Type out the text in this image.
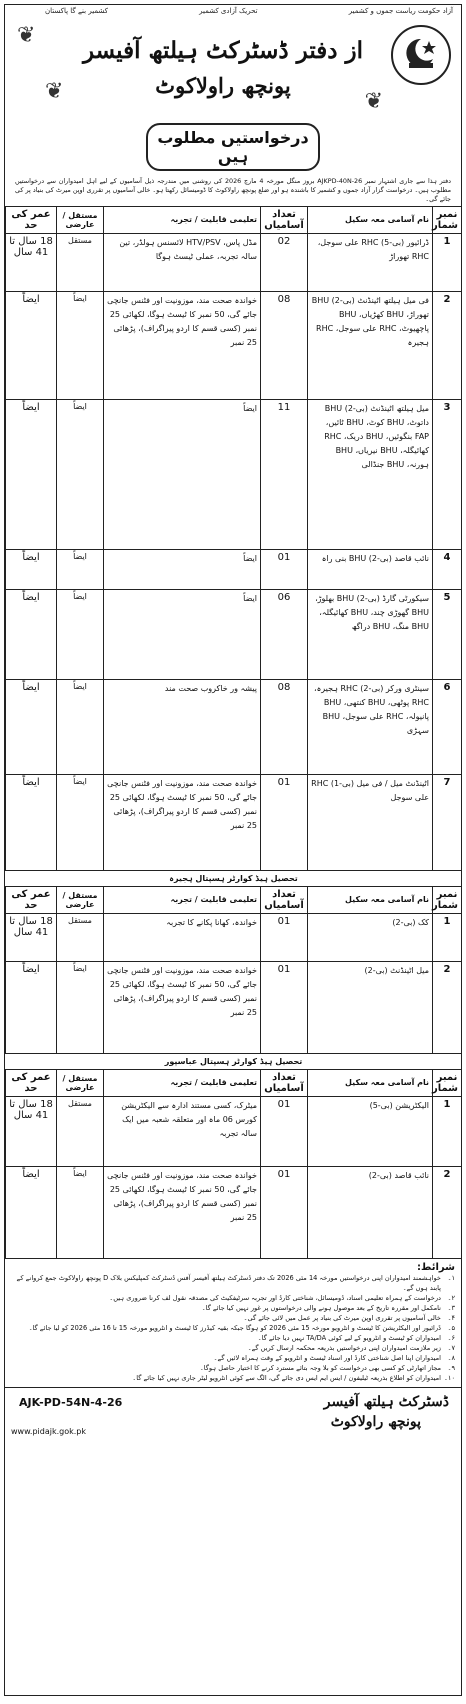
آزاد حکومت ریاست جموں و کشمیر
تحریک آزادی کشمیر
کشمیر بنے گا پاکستان
❦
❦	❦
از دفتر ڈسٹرکٹ ہیلتھ آفیسر
پونچھ راولاکوٹ
درخواستیں مطلوب ہیں
دفتر ہذا سے جاری اشتہار نمبر AJKPD-40N-26 بروز منگل مورخہ 4 مارچ 2026 کی روشنی میں مندرجہ ذیل آسامیوں کے لیے اہل امیدواران سے درخواستیں مطلوب ہیں۔ درخواست گزار آزاد جموں و کشمیر کا باشندہ ہو اور ضلع پونچھ راولاکوٹ کا ڈومیسائل رکھتا ہو۔ خالی آسامیوں پر تقرری اوپن میرٹ کی بنیاد پر کی جائے گی۔
نمبر شمار	نام آسامی معہ سکیل	تعداد آسامیاں	تعلیمی قابلیت / تجربہ	مستقل / عارضی	عمر کی حد
1	ڈرائیور (بی-5) RHC علی سوجل، RHC تھوراڑ	02	مڈل پاس، HTV/PSV لائسنس ہولڈر، تین سالہ تجربہ، عملی ٹیسٹ ہوگا	مستقل	18 سال تا 41 سال
2	فی میل ہیلتھ اٹینڈنٹ (بی-2) BHU تھوراڑ، BHU کھڑیاں، BHU پاچھیوٹ، RHC علی سوجل، RHC ہجیرہ	08	خواندہ صحت مند، موزونیت اور فٹنس جانچی جائے گی، 50 نمبر کا ٹیسٹ ہوگا، لکھائی 25 نمبر (کسی قسم کا اردو پیراگراف)، پڑھائی 25 نمبر	ایضاً	ایضاً
3	میل ہیلتھ اٹینڈنٹ (بی-2) BHU داتوٹ، BHU کوٹ، BHU ٹائیں، FAP بنگوئیں، BHU دریک، RHC کھائیگلہ، BHU نیریاں، BHU ہورنہ، BHU جنڈالی	11	ایضاً	ایضاً	ایضاً
4	نائب قاصد (بی-2) BHU بنی راہ	01	ایضاً	ایضاً	ایضاً
5	سیکورٹی گارڈ (بی-2) BHU بھلوڑ، BHU گھوڑی چند، BHU کھائیگلہ، BHU منگ، BHU دراگھ	06	ایضاً	ایضاً	ایضاً
6	سینٹری ورکر (بی-2) RHC ہجیرہ، RHC پوٹھی، BHU کنتھی، BHU پانیولہ، RHC علی سوجل، BHU سہڑی	08	پیشہ ور خاکروب صحت مند	ایضاً	ایضاً
7	اٹینڈنٹ میل / فی میل (بی-1) RHC علی سوجل	01	خواندہ صحت مند، موزونیت اور فٹنس جانچی جائے گی، 50 نمبر کا ٹیسٹ ہوگا، لکھائی 25 نمبر (کسی قسم کا اردو پیراگراف)، پڑھائی 25 نمبر	ایضاً	ایضاً
تحصیل ہیڈ کوارٹر ہسپتال ہجیرہ					
نمبر شمار	نام آسامی معہ سکیل	تعداد آسامیاں	تعلیمی قابلیت / تجربہ	مستقل / عارضی	عمر کی حد
1	کک (بی-2)	01	خواندہ، کھانا پکانے کا تجربہ	مستقل	18 سال تا 41 سال
2	میل اٹینڈنٹ (بی-2)	01	خواندہ صحت مند، موزونیت اور فٹنس جانچی جائے گی، 50 نمبر کا ٹیسٹ ہوگا، لکھائی 25 نمبر (کسی قسم کا اردو پیراگراف)، پڑھائی 25 نمبر	ایضاً	ایضاً
تحصیل ہیڈ کوارٹر ہسپتال عباسپور					
نمبر شمار	نام آسامی معہ سکیل	تعداد آسامیاں	تعلیمی قابلیت / تجربہ	مستقل / عارضی	عمر کی حد
1	الیکٹریشن (بی-5)	01	میٹرک، کسی مستند ادارہ سے الیکٹریشن کورس 06 ماہ اور متعلقہ شعبہ میں ایک سالہ تجربہ	مستقل	18 سال تا 41 سال
2	نائب قاصد (بی-2)	01	خواندہ صحت مند، موزونیت اور فٹنس جانچی جائے گی، 50 نمبر کا ٹیسٹ ہوگا، لکھائی 25 نمبر (کسی قسم کا اردو پیراگراف)، پڑھائی 25 نمبر	ایضاً	ایضاً
شرائط:
۱۔
خواہشمند امیدواران اپنی درخواستیں مورخہ 14 مئی 2026 تک دفتر ڈسٹرکٹ ہیلتھ آفیسر آفس ڈسٹرکٹ کمپلیکس بلاک D پونچھ راولاکوٹ جمع کروانے کے پابند ہوں گے۔
۲۔
درخواست کے ہمراہ تعلیمی اسناد، ڈومیسائل، شناختی کارڈ اور تجربہ سرٹیفکیٹ کی مصدقہ نقول لف کرنا ضروری ہیں۔
۳۔
نامکمل اور مقررہ تاریخ کے بعد موصول ہونے والی درخواستوں پر غور نہیں کیا جائے گا۔
۴۔
خالی آسامیوں پر تقرری اوپن میرٹ کی بنیاد پر عمل میں لائی جائے گی۔
۵۔
ڈرائیور اور الیکٹریشن کا ٹیسٹ و انٹرویو مورخہ 15 مئی 2026 کو ہوگا جبکہ بقیہ کیڈرز کا ٹیسٹ و انٹرویو مورخہ 15 تا 16 مئی 2026 کو لیا جائے گا۔
۶۔
امیدواران کو ٹیسٹ و انٹرویو کے لیے کوئی TA/DA نہیں دیا جائے گا۔
۷۔
زیر ملازمت امیدواران اپنی درخواستیں بذریعہ محکمہ ارسال کریں گے۔
۸۔
امیدواران اپنا اصل شناختی کارڈ اور اسناد ٹیسٹ و انٹرویو کے وقت ہمراہ لائیں گے۔
۹۔
مجاز اتھارٹی کو کسی بھی درخواست کو بلا وجہ بتائے مسترد کرنے کا اختیار حاصل ہوگا۔
۱۰۔
امیدواران کو اطلاع بذریعہ ٹیلیفون / ایس ایم ایس دی جائے گی، الگ سے کوئی انٹرویو لیٹر جاری نہیں کیا جائے گا۔
ڈسٹرکٹ ہیلتھ آفیسر
پونچھ راولاکوٹ
AJK-PD-54N-4-26
www.pidajk.gok.pk
